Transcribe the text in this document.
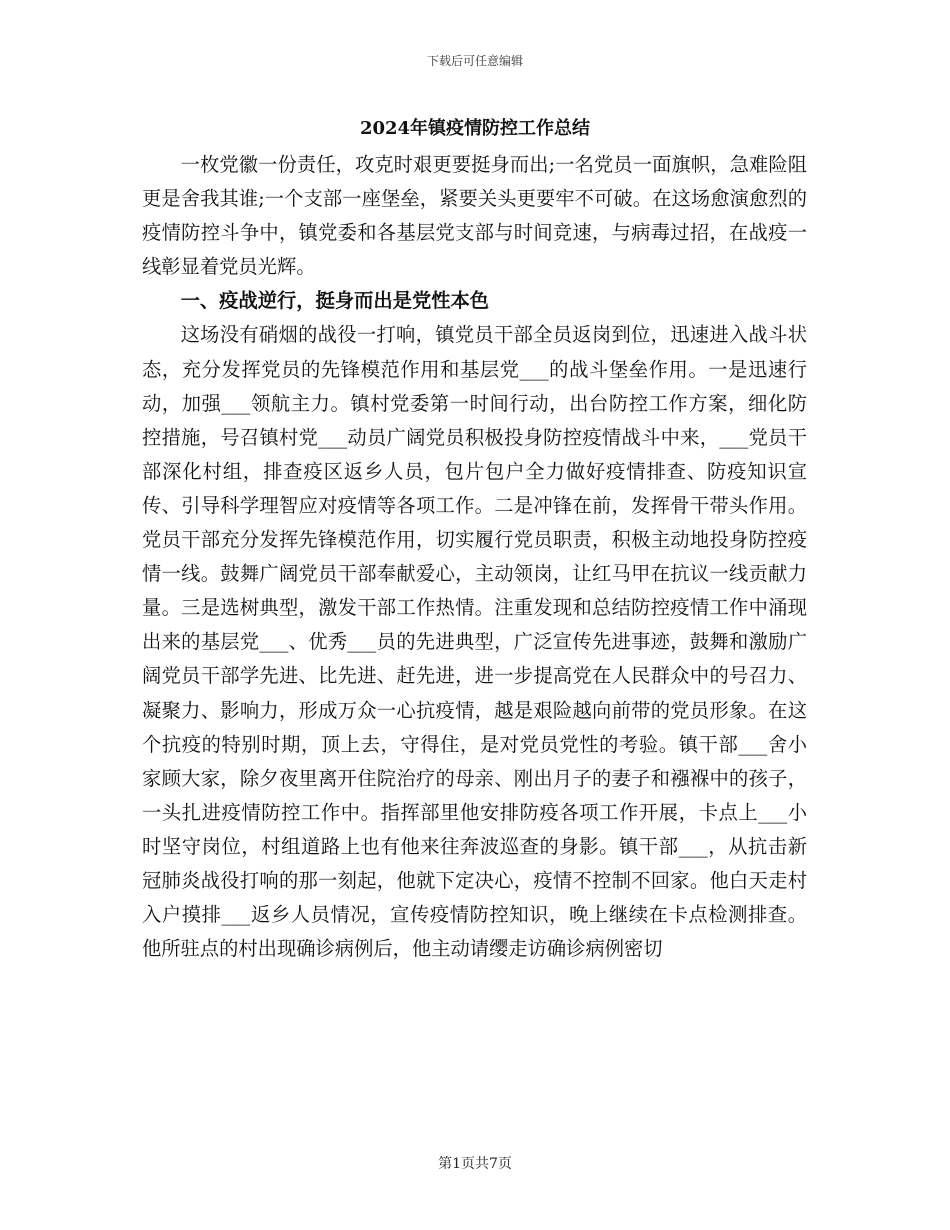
下载后可任意编辑
2024年镇疫情防控工作总结

一枚党徽一份责任，攻克时艰更要挺身而出;一名党员一面旗帜，急难险阻更是舍我其谁;一个支部一座堡垒，紧要关头更要牢不可破。在这场愈演愈烈的疫情防控斗争中，镇党委和各基层党支部与时间竞速，与病毒过招，在战疫一线彰显着党员光辉。

一、疫战逆行，挺身而出是党性本色

这场没有硝烟的战役一打响，镇党员干部全员返岗到位，迅速进入战斗状态，充分发挥党员的先锋模范作用和基层党___的战斗堡垒作用。一是迅速行动，加强___领航主力。镇村党委第一时间行动，出台防控工作方案，细化防控措施，号召镇村党___动员广阔党员积极投身防控疫情战斗中来，___党员干部深化村组，排查疫区返乡人员，包片包户全力做好疫情排查、防疫知识宣传、引导科学理智应对疫情等各项工作。二是冲锋在前，发挥骨干带头作用。党员干部充分发挥先锋模范作用，切实履行党员职责，积极主动地投身防控疫情一线。鼓舞广阔党员干部奉献爱心，主动领岗，让红马甲在抗议一线贡献力量。三是选树典型，激发干部工作热情。注重发现和总结防控疫情工作中涌现出来的基层党___、优秀___员的先进典型，广泛宣传先进事迹，鼓舞和激励广阔党员干部学先进、比先进、赶先进，进一步提高党在人民群众中的号召力、凝聚力、影响力，形成万众一心抗疫情，越是艰险越向前带的党员形象。在这个抗疫的特别时期，顶上去，守得住，是对党员党性的考验。镇干部___舍小家顾大家，除夕夜里离开住院治疗的母亲、刚出月子的妻子和襁褓中的孩子，一头扎进疫情防控工作中。指挥部里他安排防疫各项工作开展，卡点上___小时坚守岗位，村组道路上也有他来往奔波巡查的身影。镇干部___，从抗击新冠肺炎战役打响的那一刻起，他就下定决心，疫情不控制不回家。他白天走村入户摸排___返乡人员情况，宣传疫情防控知识，晚上继续在卡点检测排查。他所驻点的村出现确诊病例后，他主动请缨走访确诊病例密切

第1页共7页
